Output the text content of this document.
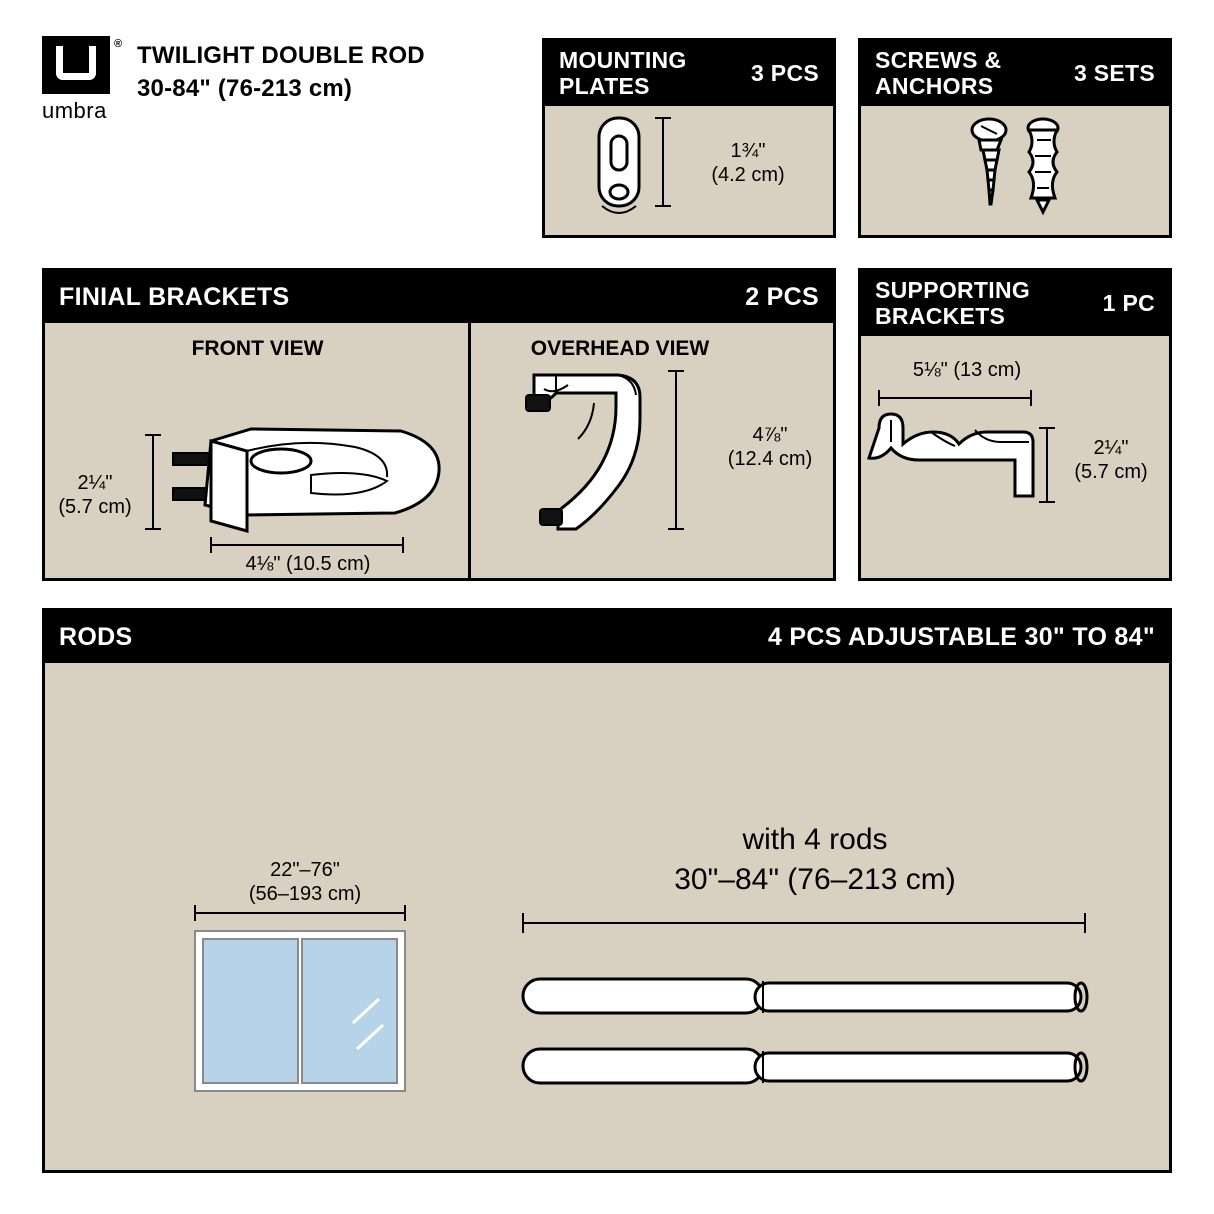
®
umbra
TWILIGHT DOUBLE ROD
30-84" (76-213 cm)
MOUNTING
PLATES	3 PCS
1¾"
(4.2 cm)
SCREWS &
ANCHORS	3 SETS
FINIAL BRACKETS	2 PCS
FRONT VIEW
2¼"
(5.7 cm)
4⅛" (10.5 cm)
OVERHEAD VIEW
4⅞"
(12.4 cm)
SUPPORTING
BRACKETS	1 PC
5⅛" (13 cm)
2¼"
(5.7 cm)
RODS	4 PCS ADJUSTABLE 30" TO 84"
22"–76"
(56–193 cm)
with 4 rods
30"–84" (76–213 cm)
